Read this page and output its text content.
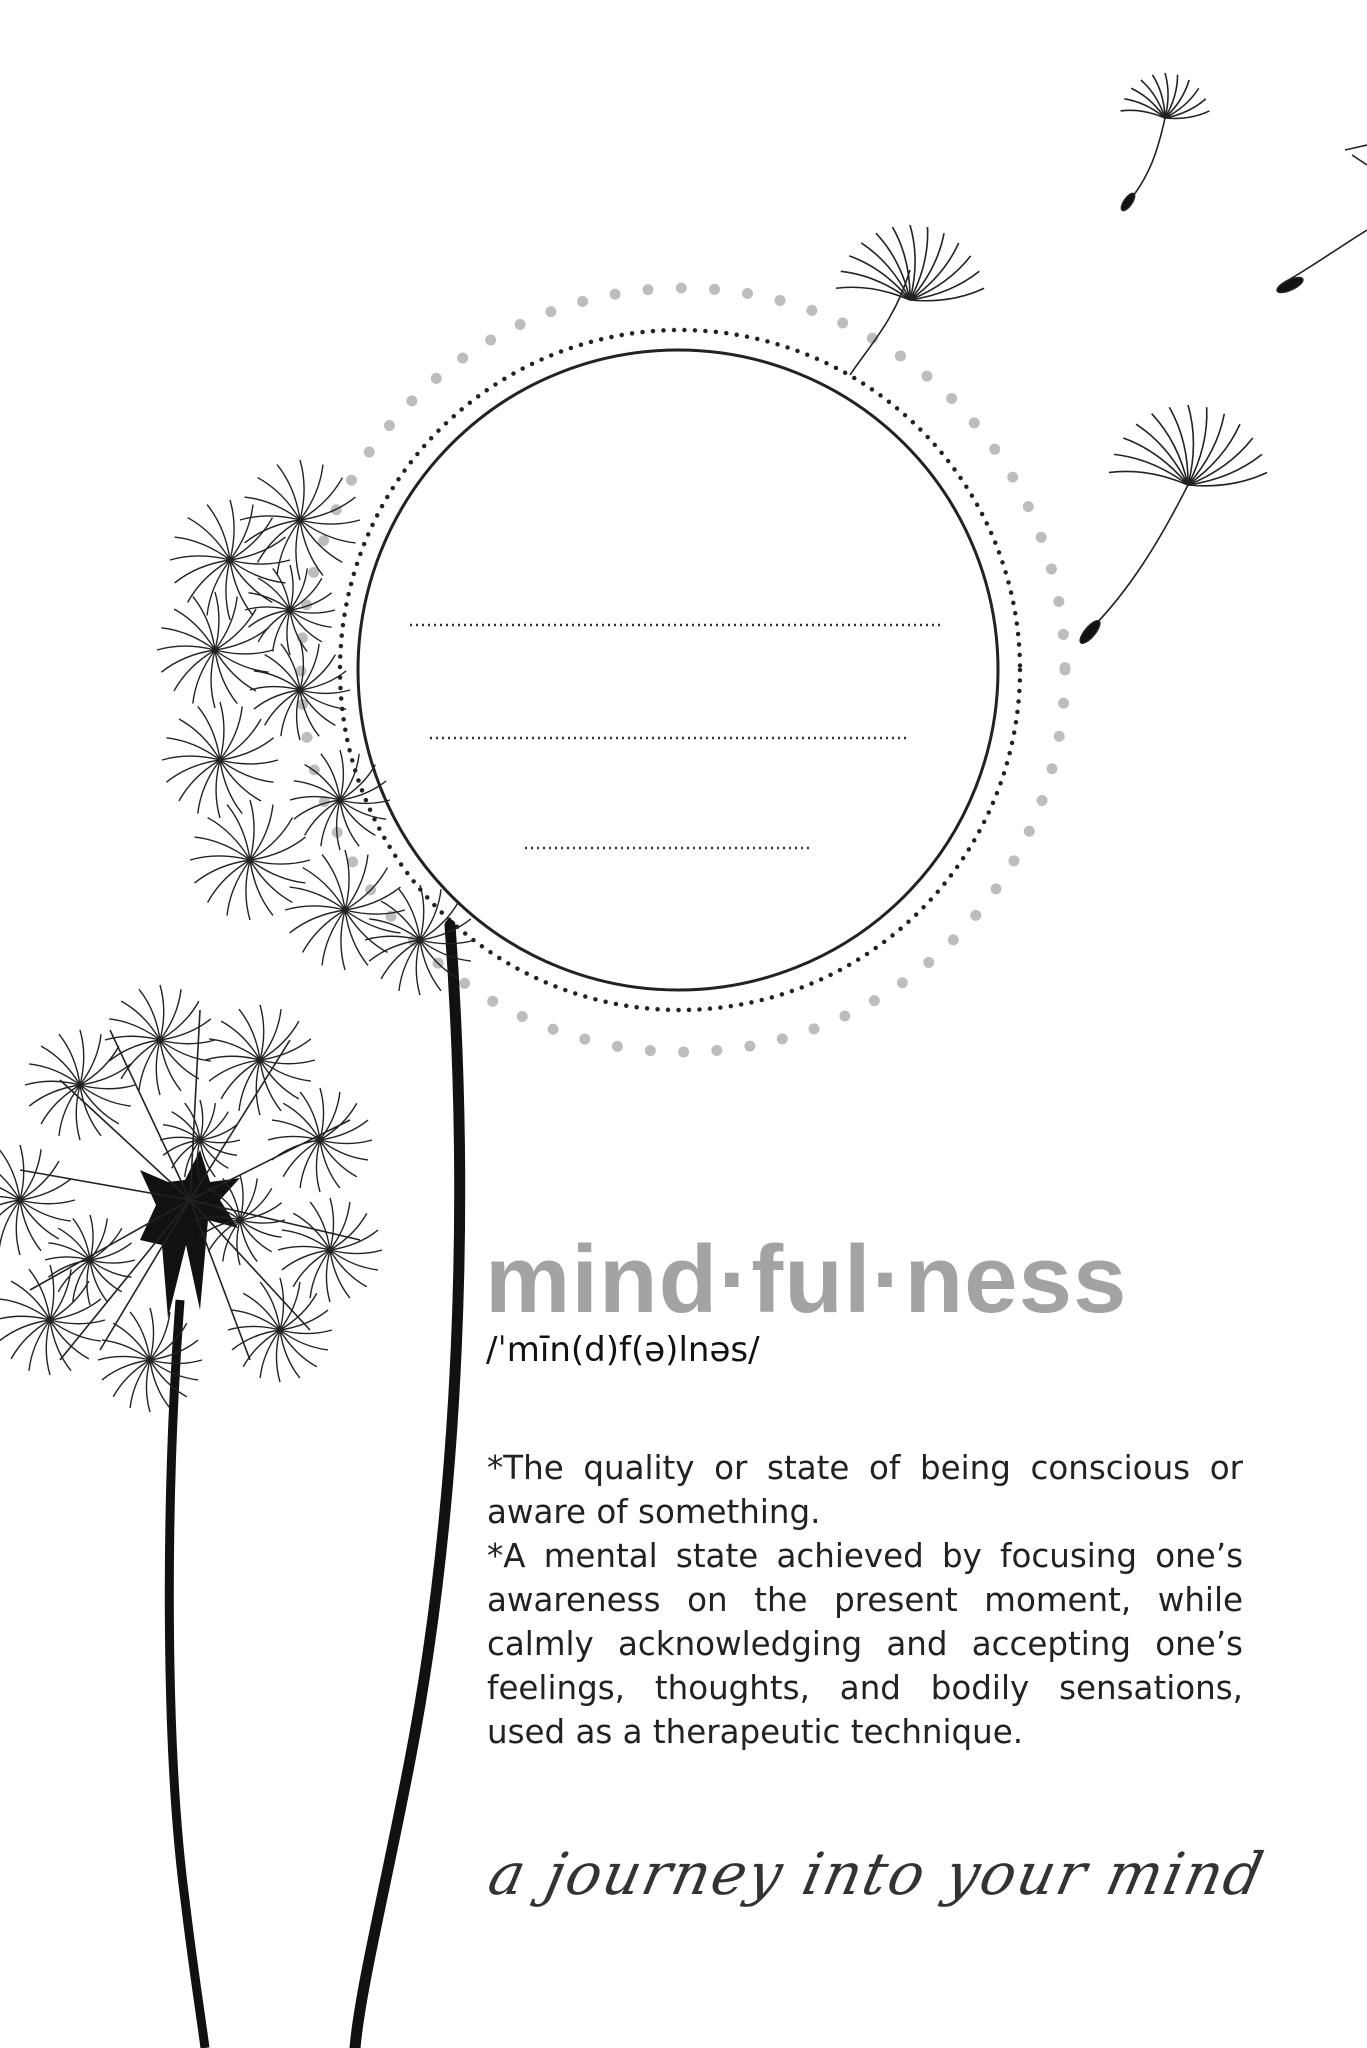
mind·ful·ness
/ˈmīn(d)f(ə)lnəs/

*The quality or state of being conscious or aware of something.

*A mental state achieved by focusing one’s awareness on the present moment, while calmly acknowledging and accepting one’s feelings, thoughts, and bodily sensations, used as a therapeutic technique.

a journey into your mind
